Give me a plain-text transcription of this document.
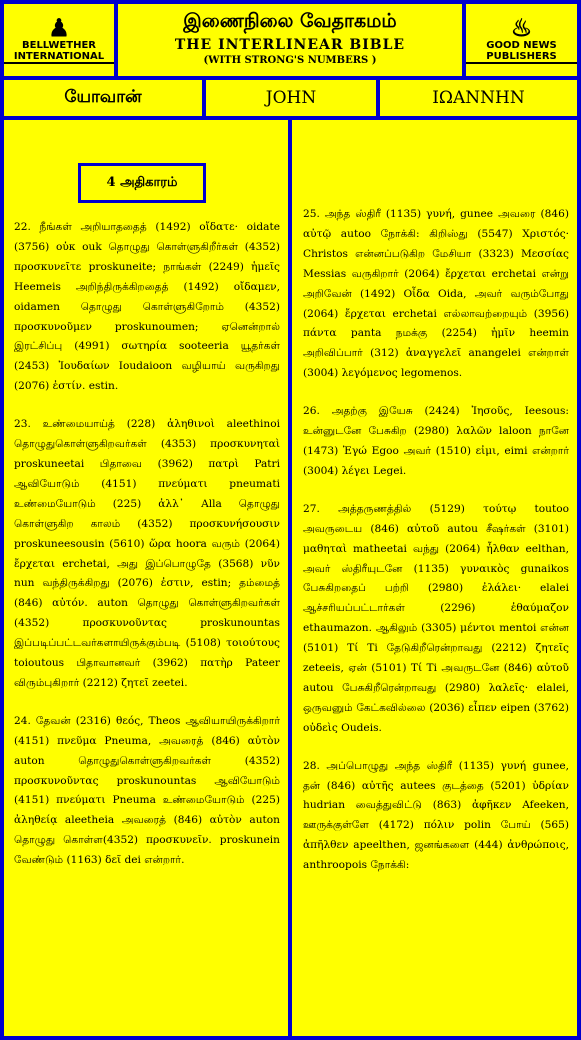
♟
BELLWETHER INTERNATIONAL
இணைநிலை வேதாகமம்
THE INTERLINEAR BIBLE
(WITH STRONG'S NUMBERS )
♨
GOOD NEWS PUBLISHERS
யோவான்	JOHN	IΩANNHN
4 அதிகாரம்

22. நீங்கள் அறியாததைத் (1492) οἴδατε· oidate (3756) οὐκ ouk தொழுது கொள்ளுகிறீர்கள் (4352) προσκυνεῖτε proskuneite; நாங்கள் (2249) ἡμεῖς Heemeis அறிந்திருக்கிறதைத் (1492) οἴδαμεν, oidamen தொழுது கொள்ளுகிறோம் (4352) προσκυνοῦμεν proskunoumen; ஏனென்றால் இரட்சிப்பு (4991) σωτηρία sooteeria யூதர்கள் (2453) Ἰουδαίων Ioudaioon வழியாய் வருகிறது (2076) ἐστίν. estin.

23. உண்மையாய்த் (228) ἀληθινοὶ aleethinoi தொழுதுகொள்ளுகிறவர்கள் (4353) προσκυνηταὶ proskuneetai பிதாவை (3962) πατρὶ Patri ஆவியோடும் (4151) πνεύματι pneumati உண்மையோடும் (225) ἀλλ᾽ Alla தொழுது கொள்ளுகிற காலம் (4352) προσκυνήσουσιν proskuneesousin (5610) ὥρα hoora வரும் (2064) ἔρχεται erchetai, அது இப்பொழுதே (3568) νῦν nun வந்திருக்கிறது (2076) ἐστιν, estin; தம்மைத் (846) αὐτόν. auton தொழுது கொள்ளுகிறவர்கள் (4352) προσκυνοῦντας proskunountas இப்படிப்பட்டவர்களாயிருக்கும்படி (5108) τοιούτους toioutous பிதாவானவர் (3962) πατὴρ Pateer விரும்புகிறார் (2212) ζητεῖ zeetei.

24. தேவன் (2316) θεός, Theos ஆவியாயிருக்கிறார் (4151) πνεῦμα Pneuma, அவரைத் (846) αὐτὸν auton தொழுதுகொள்ளுகிறவர்கள் (4352) προσκυνοῦντας proskunountas ஆவியோடும் (4151) πνεύματι Pneuma உண்மையோடும் (225) ἀληθείᾳ aleetheia அவரைத் (846) αὐτὸν auton தொழுது கொள்ள(4352) προσκυνεῖν. proskunein வேண்டும் (1163) δεῖ dei என்றார்.

25. அந்த ஸ்திரீ (1135) γυνή, gunee அவரை (846) αὐτῷ autoo நோக்கி: கிறிஸ்து (5547) Χριστός· Christos என்னப்படுகிற மேசியா (3323) Μεσσίας Messias வருகிறார் (2064) ἔρχεται erchetai என்று அறிவேன் (1492) Οἶδα Oida, அவர் வரும்போது (2064) ἔρχεται erchetai எல்லாவற்றையும் (3956) πάντα panta நமக்கு (2254) ἡμῖν heemin அறிவிப்பார் (312) ἀναγγελεῖ anangelei என்றாள் (3004) λεγόμενος legomenos.

26. அதற்கு இயேசு (2424) Ἰησοῦς, Ieesous: உன்னுடனே பேசுகிற (2980) λαλῶν laloon நானே (1473) Ἐγώ Egoo அவர் (1510) εἰμι, eimi என்றார் (3004) λέγει Legei.

27. அத்தருணத்தில் (5129) τούτῳ toutoo அவருடைய (846) αὐτοῦ autou சீஷர்கள் (3101) μαθηταὶ matheetai வந்து (2064) ἦλθαν eelthan, அவர் ஸ்திரீயுடனே (1135) γυναικὸς gunaikos பேசுகிறதைப் பற்றி (2980) ἐλάλει· elalei ஆச்சரியப்பட்டார்கள் (2296) ἐθαύμαζον ethaumazon. ஆகிலும் (3305) μέντοι mentoi என்ன (5101) Τί Ti தேடுகிறீரென்றாவது (2212) ζητεῖς zeteeis, ஏன் (5101) Τί Ti அவருடனே (846) αὐτοῦ autou பேசுகிறீரென்றாவது (2980) λαλεῖς· elalei, ஒருவனும் கேட்கவில்லை (2036) εἶπεν eipen (3762) οὐδεὶς Oudeis.

28. அப்பொழுது அந்த ஸ்திரீ (1135) γυνή gunee, தன் (846) αὐτῆς autees குடத்தை (5201) ὑδρίαν hudrian வைத்துவிட்டு (863) ἀφῆκεν Afeeken, ஊருக்குள்ளே (4172) πόλιν polin போய் (565) ἀπῆλθεν apeelthen, ஜனங்களை (444) ἀνθρώποις, anthroopois நோக்கி:
